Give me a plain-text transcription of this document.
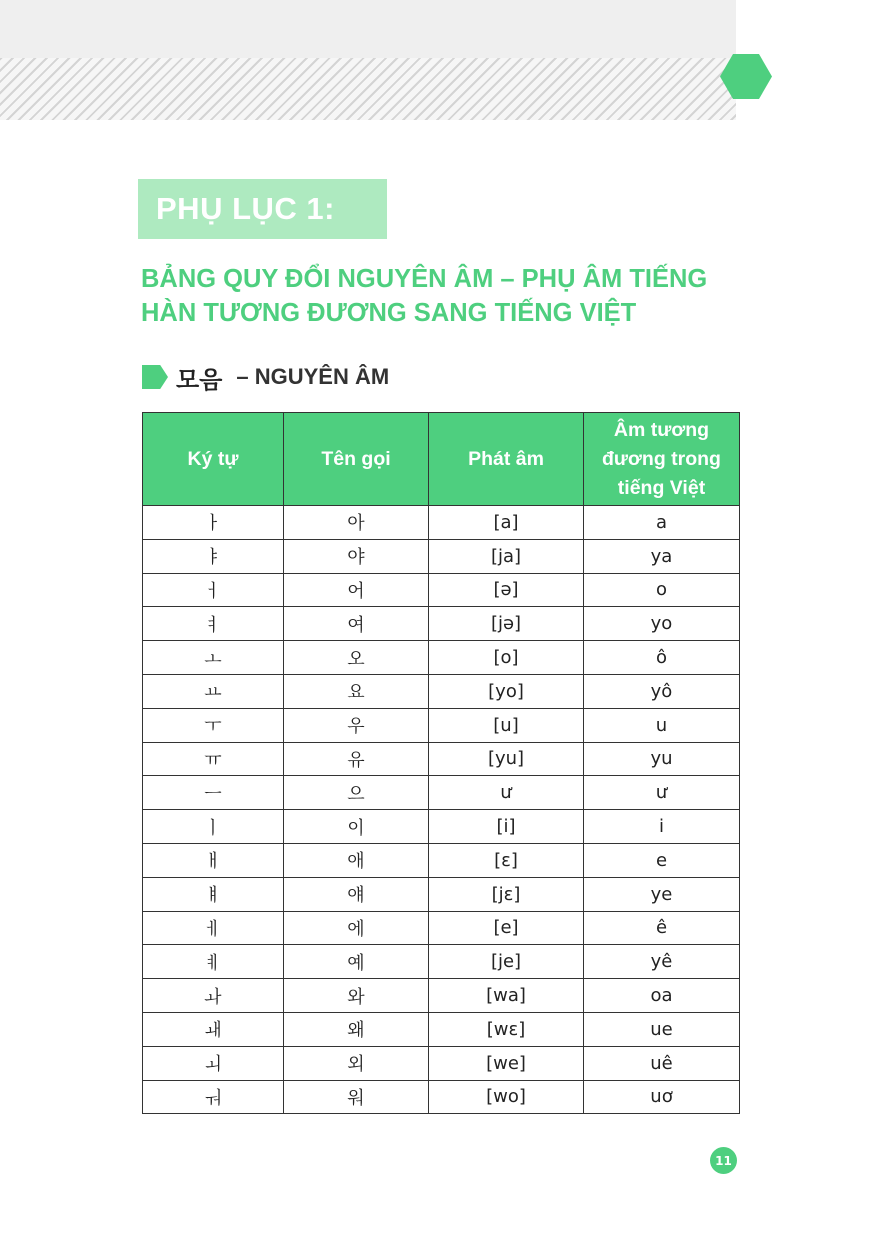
PHỤ LỤC 1:
BẢNG QUY ĐỔI NGUYÊN ÂM – PHỤ ÂM TIẾNG
HÀN TƯƠNG ĐƯƠNG SANG TIẾNG VIỆT
모음 – NGUYÊN ÂM
Ký tự	Tên gọi	Phát âm	Âm tương đương trong tiếng Việt

ㅏ	아	[a]	a
ㅑ	야	[ja]	ya
ㅓ	어	[ə]	o
ㅕ	여	[jə]	yo
ㅗ	오	[o]	ô
ㅛ	요	[yo]	yô
ㅜ	우	[u]	u
ㅠ	유	[yu]	yu
ㅡ	으	ư	ư
ㅣ	이	[i]	i
ㅐ	애	[ɛ]	e
ㅒ	얘	[jɛ]	ye
ㅔ	에	[e]	ê
ㅖ	예	[je]	yê
ㅘ	와	[wa]	oa
ㅙ	왜	[wɛ]	ue
ㅚ	외	[we]	uê
ㅝ	워	[wo]	uơ
11
